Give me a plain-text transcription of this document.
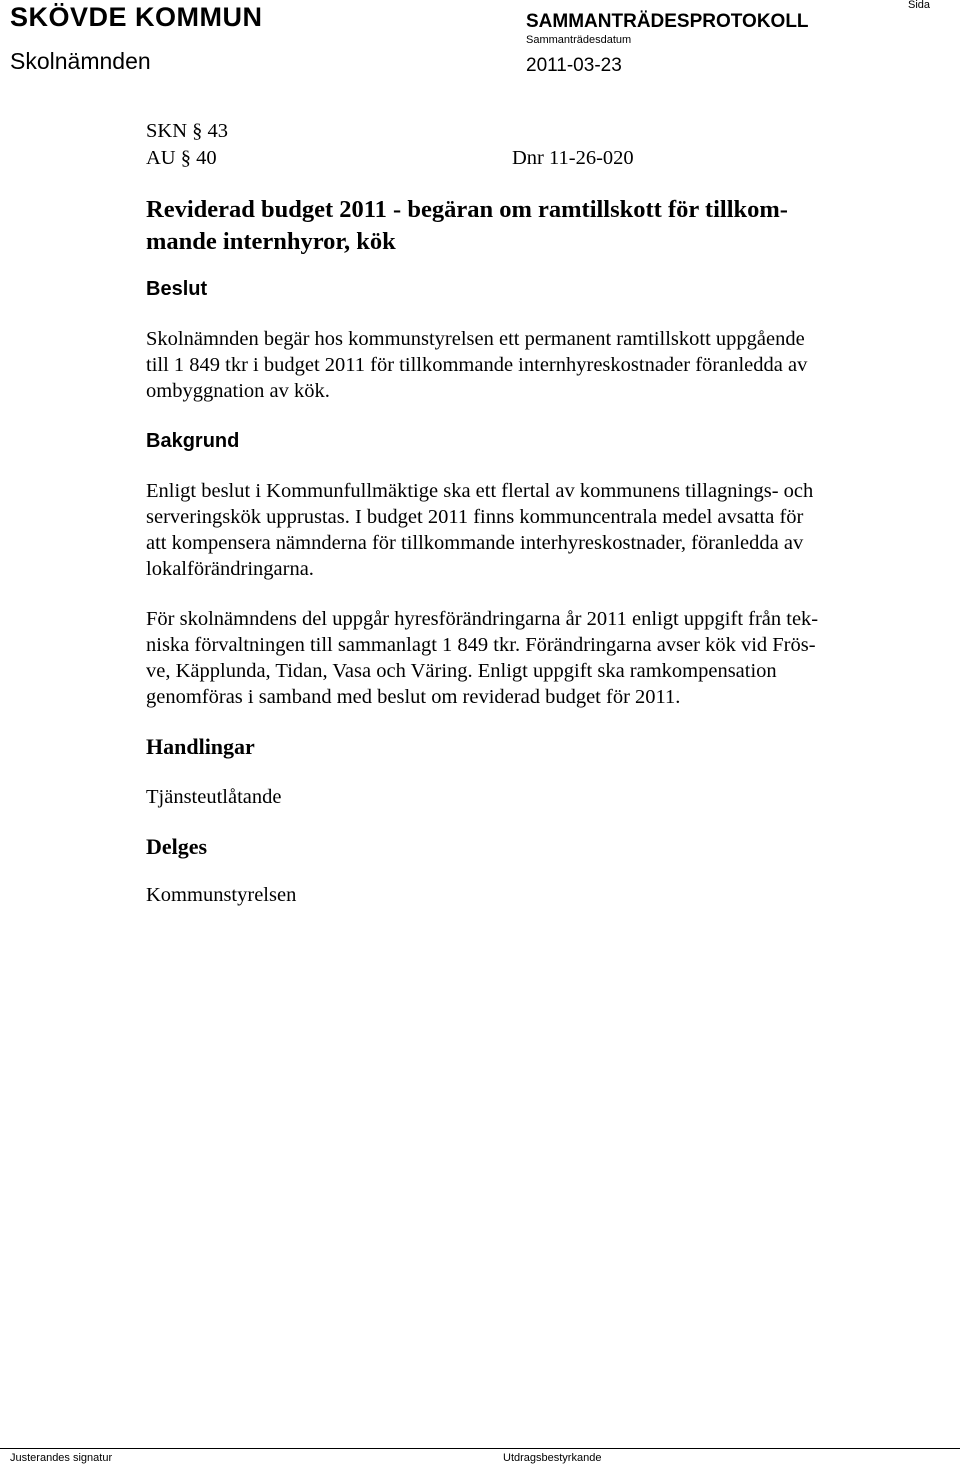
SKÖVDE KOMMUN
Skolnämnden
SAMMANTRÄDESPROTOKOLL
Sammanträdesdatum
2011-03-23
Sida
SKN § 43
AU § 40	Dnr 11-26-020
Reviderad budget 2011 - begäran om ramtillskott för tillkom-
mande internhyror, kök
Beslut
Skolnämnden begär hos kommunstyrelsen ett permanent ramtillskott uppgående
till 1 849 tkr i budget 2011 för tillkommande internhyreskostnader föranledda av
ombyggnation av kök.
Bakgrund
Enligt beslut i Kommunfullmäktige ska ett flertal av kommunens tillagnings- och
serveringskök upprustas. I budget 2011 finns kommuncentrala medel avsatta för
att kompensera nämnderna för tillkommande interhyreskostnader, föranledda av
lokalförändringarna.
För skolnämndens del uppgår hyresförändringarna år 2011 enligt uppgift från tek-
niska förvaltningen till sammanlagt 1 849 tkr. Förändringarna avser kök vid Frös-
ve, Käpplunda, Tidan, Vasa och Väring. Enligt uppgift ska ramkompensation
genomföras i samband med beslut om reviderad budget för 2011.
Handlingar
Tjänsteutlåtande
Delges
Kommunstyrelsen
Justerandes signatur	Utdragsbestyrkande
